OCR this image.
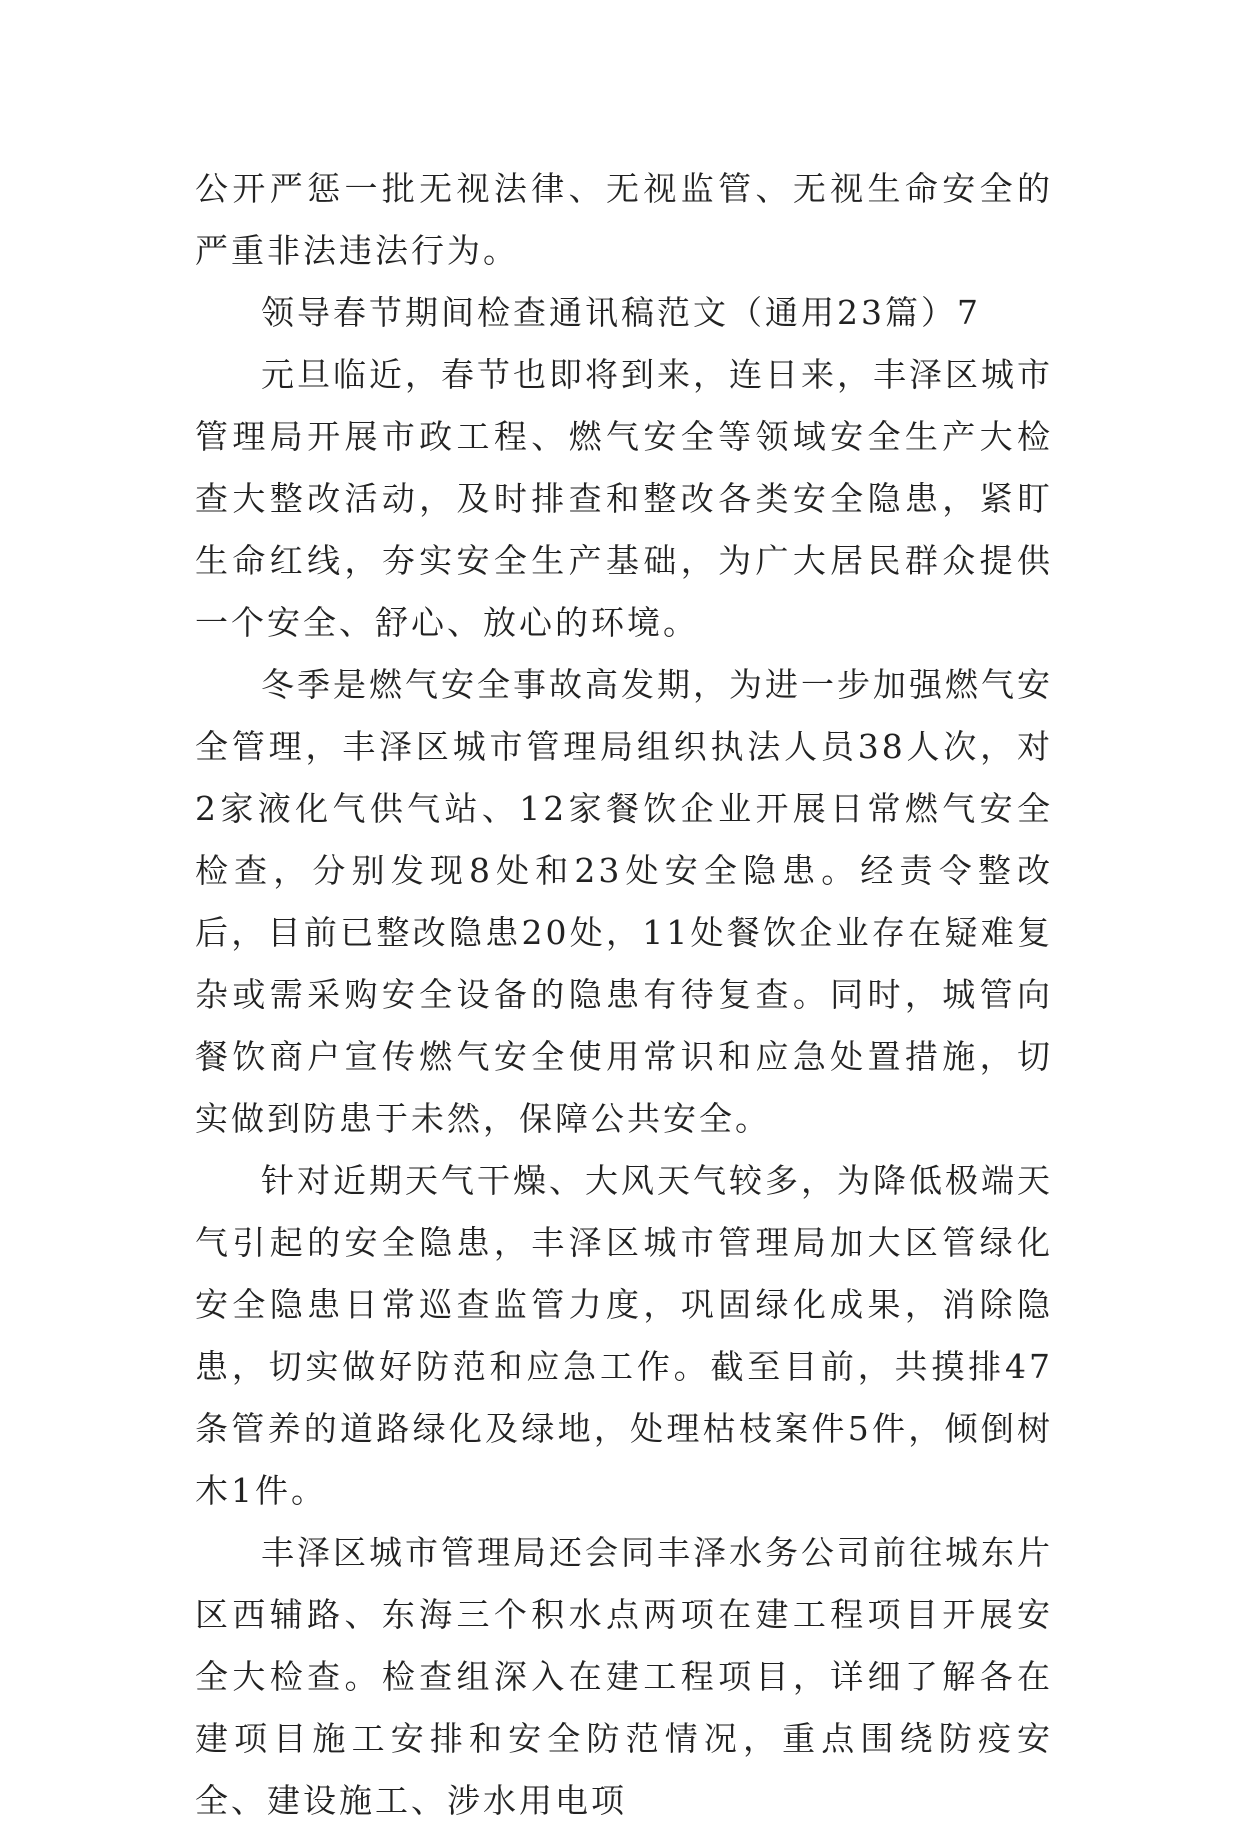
公开严惩一批无视法律、无视监管、无视生命安全的严重非法违法行为。

领导春节期间检查通讯稿范文（通用23篇）7

元旦临近，春节也即将到来，连日来，丰泽区城市管理局开展市政工程、燃气安全等领域安全生产大检查大整改活动，及时排查和整改各类安全隐患，紧盯生命红线，夯实安全生产基础，为广大居民群众提供一个安全、舒心、放心的环境。

冬季是燃气安全事故高发期，为进一步加强燃气安全管理，丰泽区城市管理局组织执法人员38人次，对2家液化气供气站、12家餐饮企业开展日常燃气安全检查，分别发现8处和23处安全隐患。经责令整改后，目前已整改隐患20处，11处餐饮企业存在疑难复杂或需采购安全设备的隐患有待复查。同时，城管向餐饮商户宣传燃气安全使用常识和应急处置措施，切实做到防患于未然，保障公共安全。

针对近期天气干燥、大风天气较多，为降低极端天气引起的安全隐患，丰泽区城市管理局加大区管绿化安全隐患日常巡查监管力度，巩固绿化成果，消除隐患，切实做好防范和应急工作。截至目前，共摸排47条管养的道路绿化及绿地，处理枯枝案件5件，倾倒树木1件。

丰泽区城市管理局还会同丰泽水务公司前往城东片区西辅路、东海三个积水点两项在建工程项目开展安全大检查。检查组深入在建工程项目，详细了解各在建项目施工安排和安全防范情况，重点围绕防疫安全、建设施工、涉水用电项
